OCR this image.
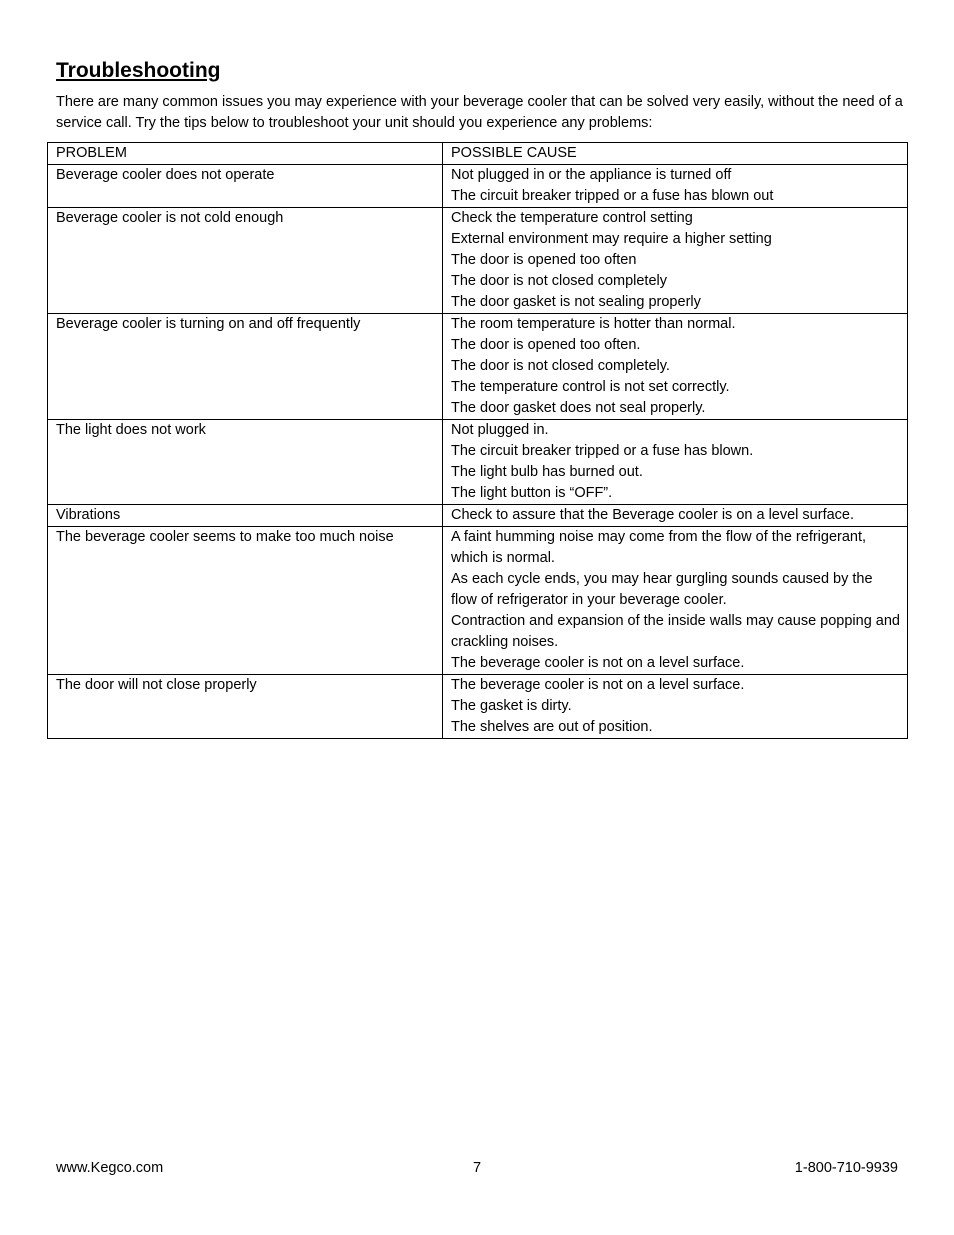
Troubleshooting

There are many common issues you may experience with your beverage cooler that can be solved very easily, without the need of a service call. Try the tips below to troubleshoot your unit should you experience any problems:

PROBLEM	POSSIBLE CAUSE
Beverage cooler does not operate	Not plugged in or the appliance is turned off
The circuit breaker tripped or a fuse has blown out

Beverage cooler is not cold enough	Check the temperature control setting
External environment may require a higher setting
The door is opened too often
The door is not closed completely
The door gasket is not sealing properly

Beverage cooler is turning on and off frequently	The room temperature is hotter than normal.
The door is opened too often.
The door is not closed completely.
The temperature control is not set correctly.
The door gasket does not seal properly.

The light does not work	Not plugged in.
The circuit breaker tripped or a fuse has blown.
The light bulb has burned out.
The light button is “OFF”.

Vibrations	Check to assure that the Beverage cooler is on a level surface.

The beverage cooler seems to make too much noise	A faint humming noise may come from the flow of the refrigerant, which is normal.
As each cycle ends, you may hear gurgling sounds caused by the flow of refrigerator in your beverage cooler.
Contraction and expansion of the inside walls may cause popping and crackling noises.
The beverage cooler is not on a level surface.

The door will not close properly	The beverage cooler is not on a level surface.
The gasket is dirty.
The shelves are out of position.
www.Kegco.com	7	1-800-710-9939
